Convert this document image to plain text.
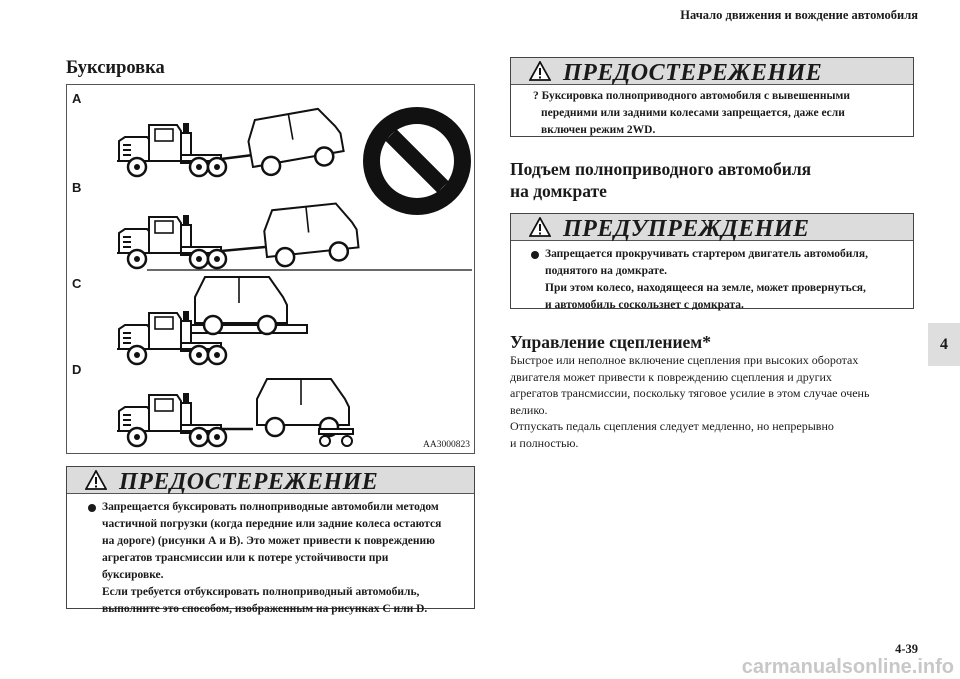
Начало движения и вождение автомобиля
Буксировка
A
B
C
D
AA3000823
ПРЕДОСТЕРЕЖЕНИЕ
Запрещается буксировать полноприводные автомобили методом
частичной погрузки (когда передние или задние колеса остаются
на дороге) (рисунки А и В). Это может привести к повреждению
агрегатов трансмиссии или к потере устойчивости при
буксировке.
Если требуется отбуксировать полноприводный автомобиль,
выполните это способом, изображенным на рисунках С или D.
ПРЕДОСТЕРЕЖЕНИЕ
? Буксировка полноприводного автомобиля с вывешенными
передними или задними колесами запрещается, даже если
включен режим 2WD.
Подъем полноприводного автомобиля
на домкрате
ПРЕДУПРЕЖДЕНИЕ
Запрещается прокручивать стартером двигатель автомобиля,
поднятого на домкрате.
При этом колесо, находящееся на земле, может провернуться,
и автомобиль соскользнет с домкрата.
Управление сцеплением*
Быстрое или неполное включение сцепления при высоких оборотах
двигателя может привести к повреждению сцепления и других
агрегатов трансмиссии, поскольку тяговое усилие в этом случае очень
велико.
Отпускать педаль сцепления следует медленно, но непрерывно
и полностью.
4
4-39
carmanualsonline.info
